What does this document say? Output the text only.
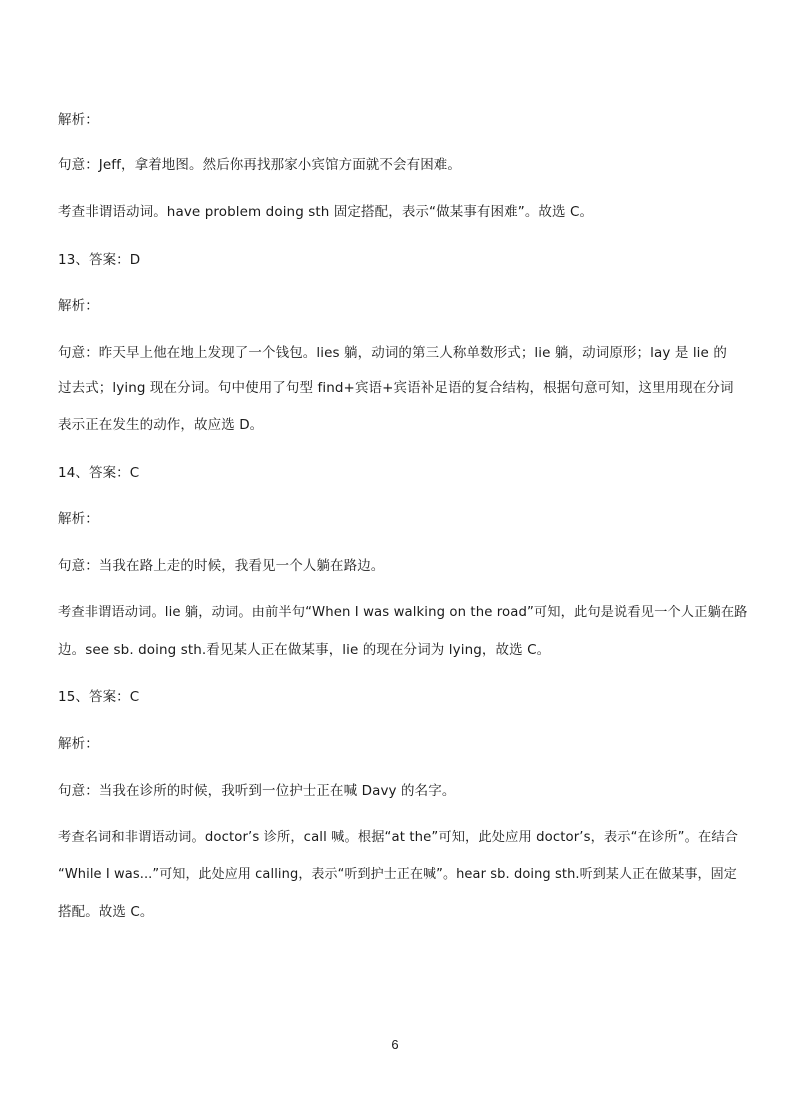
解析：
句意：Jeff，拿着地图。然后你再找那家小宾馆方面就不会有困难。
考查非谓语动词。have problem doing sth 固定搭配，表示“做某事有困难”。故选 C。
13、答案：D
解析：
句意：昨天早上他在地上发现了一个钱包。lies 躺，动词的第三人称单数形式；lie 躺，动词原形；lay 是 lie 的
过去式；lying 现在分词。句中使用了句型 find+宾语+宾语补足语的复合结构，根据句意可知，这里用现在分词
表示正在发生的动作，故应选 D。
14、答案：C
解析：
句意：当我在路上走的时候，我看见一个人躺在路边。
考查非谓语动词。lie 躺，动词。由前半句“When I was walking on the road”可知，此句是说看见一个人正躺在路
边。see sb. doing sth.看见某人正在做某事，lie 的现在分词为 lying，故选 C。
15、答案：C
解析：
句意：当我在诊所的时候，我听到一位护士正在喊 Davy 的名字。
考查名词和非谓语动词。doctor’s 诊所，call 喊。根据“at the”可知，此处应用 doctor’s，表示“在诊所”。在结合
“While I was...”可知，此处应用 calling，表示“听到护士正在喊”。hear sb. doing sth.听到某人正在做某事，固定
搭配。故选 C。
6
